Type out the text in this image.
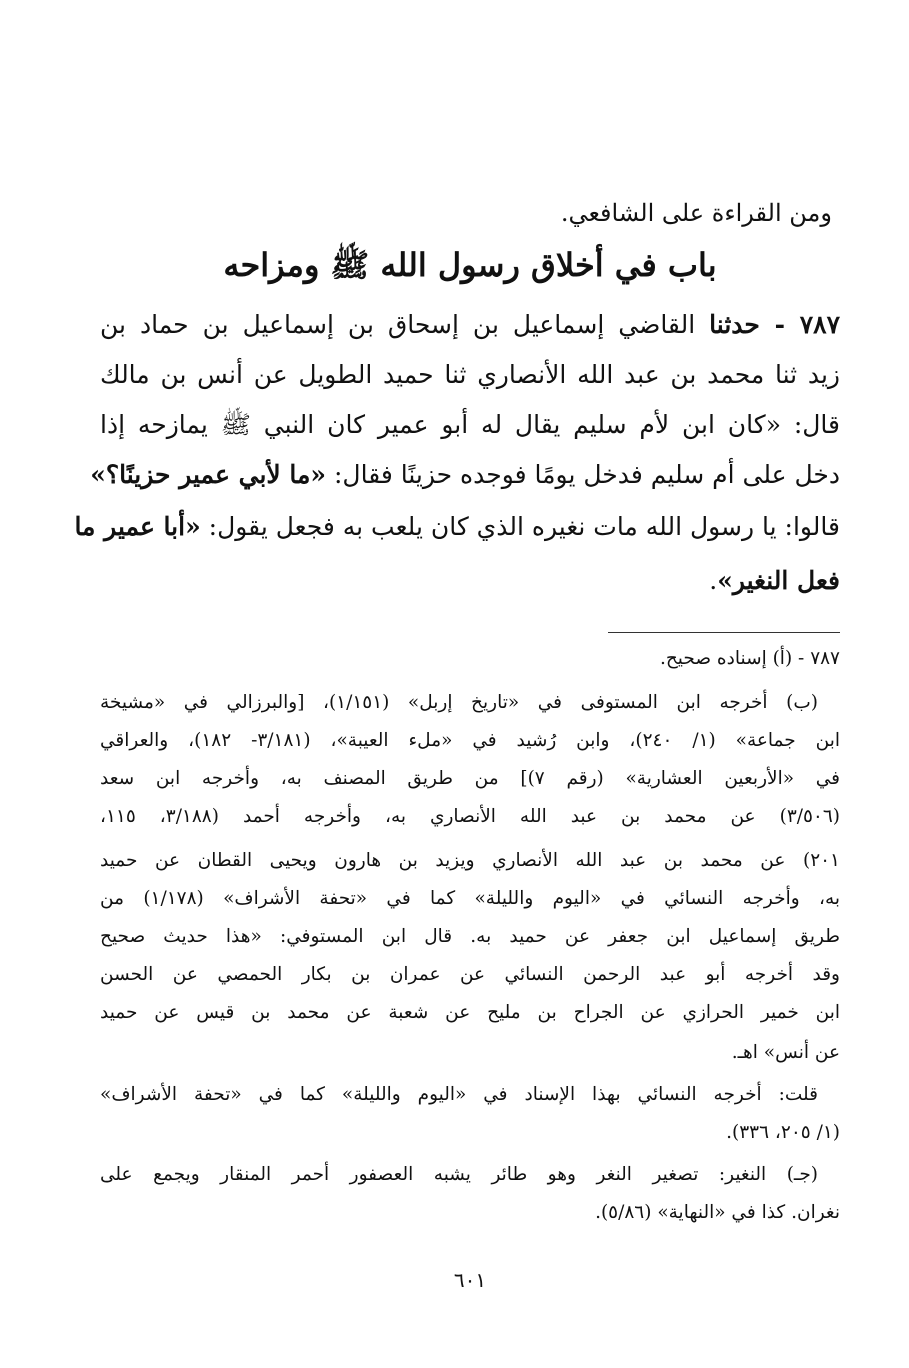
ومن القراءة على الشافعي.
باب في أخلاق رسول الله ﷺ ومزاحه
٧٨٧ - حدثنا القاضي إسماعيل بن إسحاق بن إسماعيل بن حماد بن
زيد ثنا محمد بن عبد الله الأنصاري ثنا حميد الطويل عن أنس بن مالك
قال: «كان ابن لأم سليم يقال له أبو عمير كان النبي ﷺ يمازحه إذا
دخل على أم سليم فدخل يومًا فوجده حزينًا فقال: «ما لأبي عمير حزينًا؟»
قالوا: يا رسول الله مات نغيره الذي كان يلعب به فجعل يقول: «أبا عمير ما
فعل النغير».
٧٨٧ - (أ) إسناده صحيح.
(ب) أخرجه ابن المستوفى في «تاريخ إربل» (١/١٥١)، [والبرزالي في «مشيخة
ابن جماعة» (١/ ٢٤٠)، وابن رُشيد في «ملء العيبة»، (٣/١٨١- ١٨٢)، والعراقي
في «الأربعين العشارية» (رقم ٧)] من طريق المصنف به، وأخرجه ابن سعد
(٣/٥٠٦) عن محمد بن عبد الله الأنصاري به، وأخرجه أحمد (٣/١٨٨، ١١٥،
٢٠١) عن محمد بن عبد الله الأنصاري ويزيد بن هارون ويحيى القطان عن حميد
به، وأخرجه النسائي في «اليوم والليلة» كما في «تحفة الأشراف» (١/١٧٨) من
طريق إسماعيل ابن جعفر عن حميد به. قال ابن المستوفي: «هذا حديث صحيح
وقد أخرجه أبو عبد الرحمن النسائي عن عمران بن بكار الحمصي عن الحسن
ابن خمير الحرازي عن الجراح بن مليح عن شعبة عن محمد بن قيس عن حميد
عن أنس» اهـ.
قلت: أخرجه النسائي بهذا الإسناد في «اليوم والليلة» كما في «تحفة الأشراف»
(١/ ٢٠٥، ٣٣٦).
(جـ) النغير: تصغير النغر وهو طائر يشبه العصفور أحمر المنقار ويجمع على
نغران. كذا في «النهاية» (٥/٨٦).
٦٠١
